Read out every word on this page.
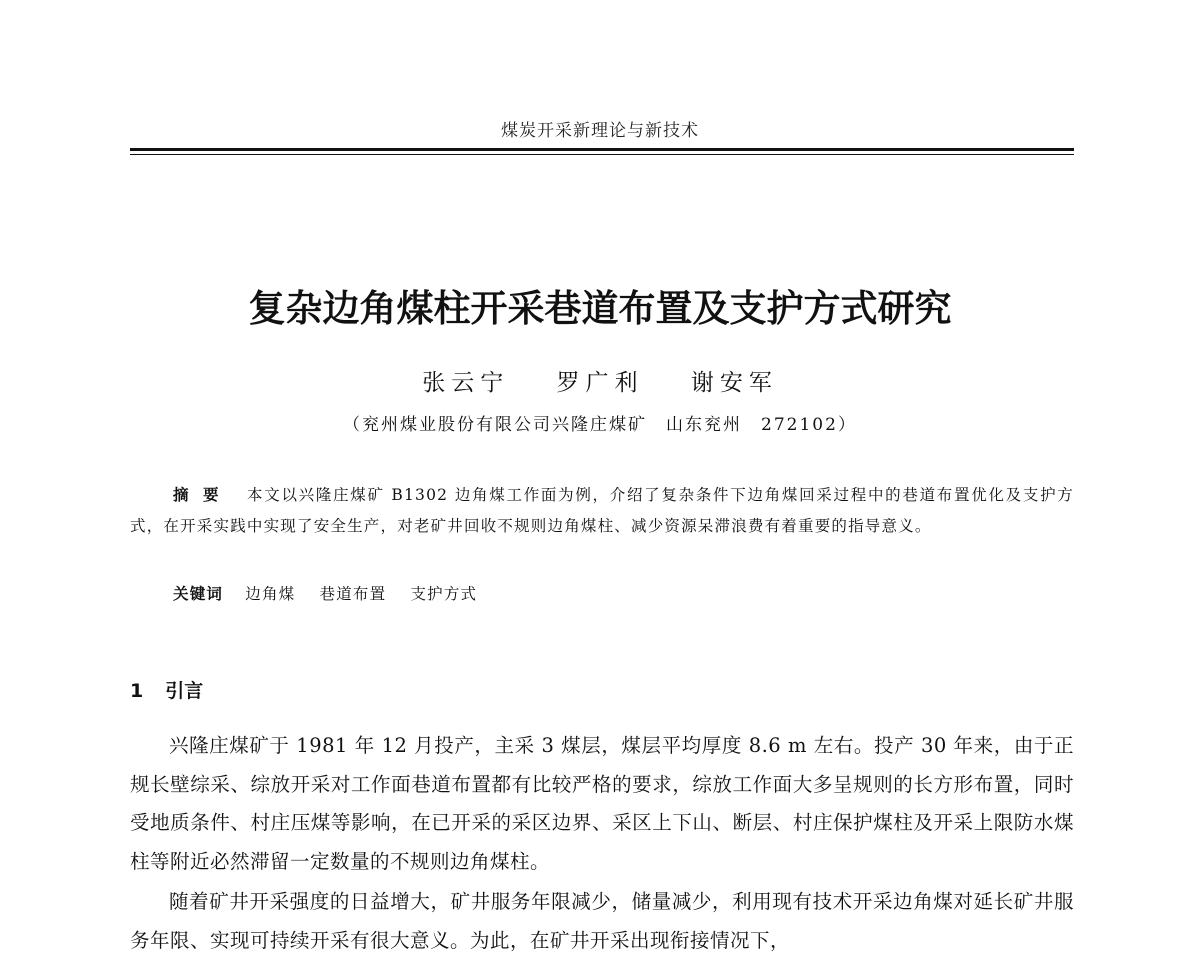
煤炭开采新理论与新技术
复杂边角煤柱开采巷道布置及支护方式研究
张云宁 罗广利 谢安军
（兖州煤业股份有限公司兴隆庄煤矿　山东兖州　272102）
摘要 本文以兴隆庄煤矿 B1302 边角煤工作面为例，介绍了复杂条件下边角煤回采过程中的巷道布置优化及支护方式，在开采实践中实现了安全生产，对老矿井回收不规则边角煤柱、减少资源呆滞浪费有着重要的指导意义。
关键词 边角煤 巷道布置 支护方式
1 引言

兴隆庄煤矿于 1981 年 12 月投产，主采 3 煤层，煤层平均厚度 8.6 m 左右。投产 30 年来，由于正规长壁综采、综放开采对工作面巷道布置都有比较严格的要求，综放工作面大多呈规则的长方形布置，同时受地质条件、村庄压煤等影响，在已开采的采区边界、采区上下山、断层、村庄保护煤柱及开采上限防水煤柱等附近必然滞留一定数量的不规则边角煤柱。

随着矿井开采强度的日益增大，矿井服务年限减少，储量减少，利用现有技术开采边角煤对延长矿井服务年限、实现可持续开采有很大意义。为此，在矿井开采出现衔接情况下，
